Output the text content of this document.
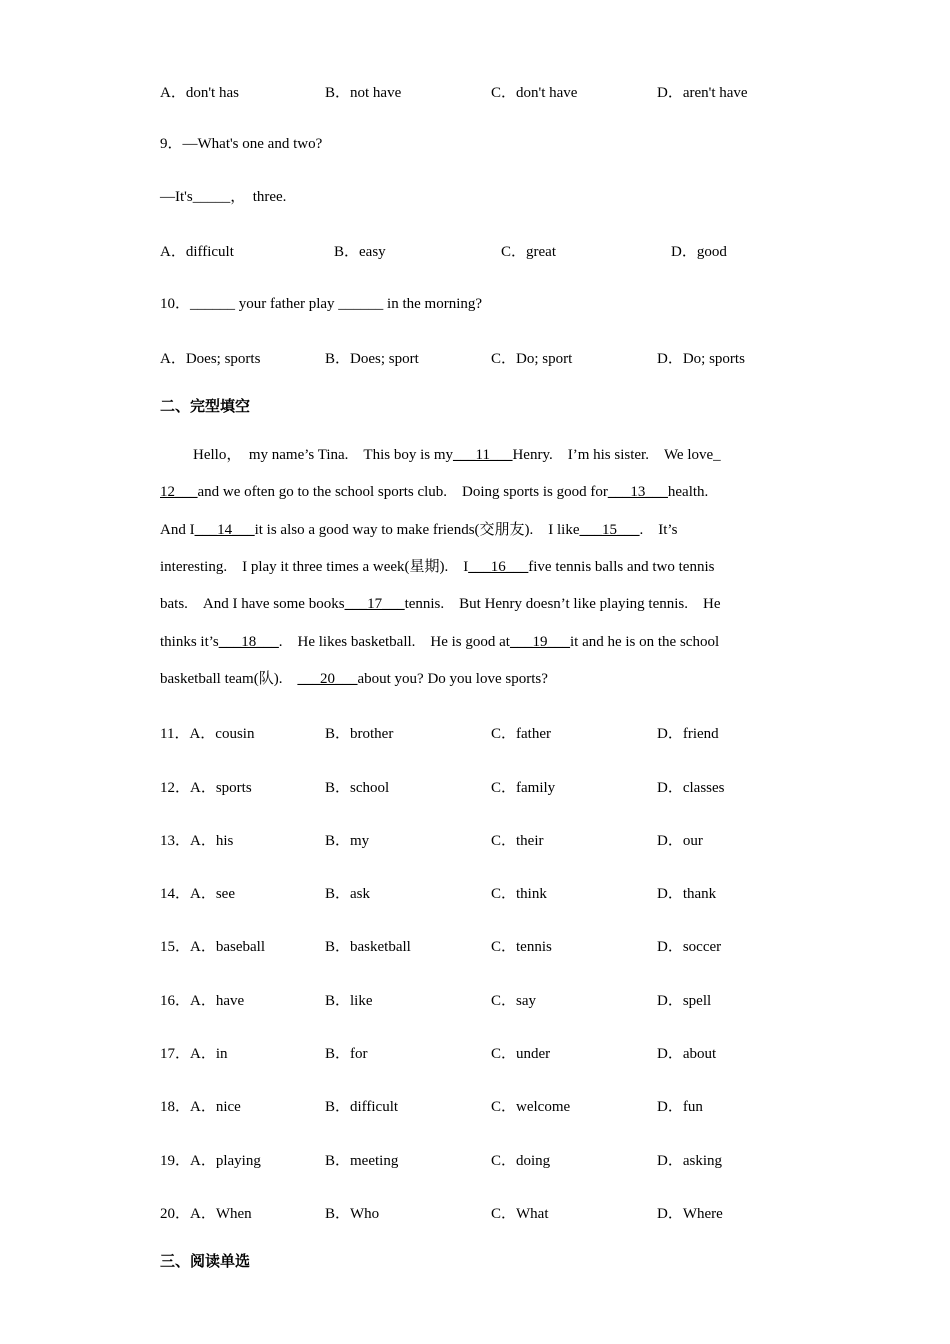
A．don't has	B．not have	C．don't have	D．aren't have
9．—What's one and two?
—It's_____，　three.
A．difficult	B．easy	C．great	D．good
10．______ your father play ______ in the morning?
A．Does; sports	B．Does; sport	C．Do; sport	D．Do; sports
二、完型填空
Hello，　my name’s Tina.　This boy is my___11___Henry.　I’m his sister.　We love_
12___and we often go to the school sports club.　Doing sports is good for___13___health.
And I___14___it is also a good way to make friends(交朋友).　I like___15___.　It’s
interesting.　I play it three times a week(星期).　I___16___five tennis balls and two tennis
bats.　And I have some books___17___tennis.　But Henry doesn’t like playing tennis.　He
thinks it’s___18___.　He likes basketball.　He is good at___19___it and he is on the school
basketball team(队).　___20___about you? Do you love sports?
11．A．cousin	B．brother	C．father	D．friend
12．A．sports	B．school	C．family	D．classes
13．A．his	B．my	C．their	D．our
14．A．see	B．ask	C．think	D．thank
15．A．baseball	B．basketball	C．tennis	D．soccer
16．A．have	B．like	C．say	D．spell
17．A．in	B．for	C．under	D．about
18．A．nice	B．difficult	C．welcome	D．fun
19．A．playing	B．meeting	C．doing	D．asking
20．A．When	B．Who	C．What	D．Where
三、阅读单选
